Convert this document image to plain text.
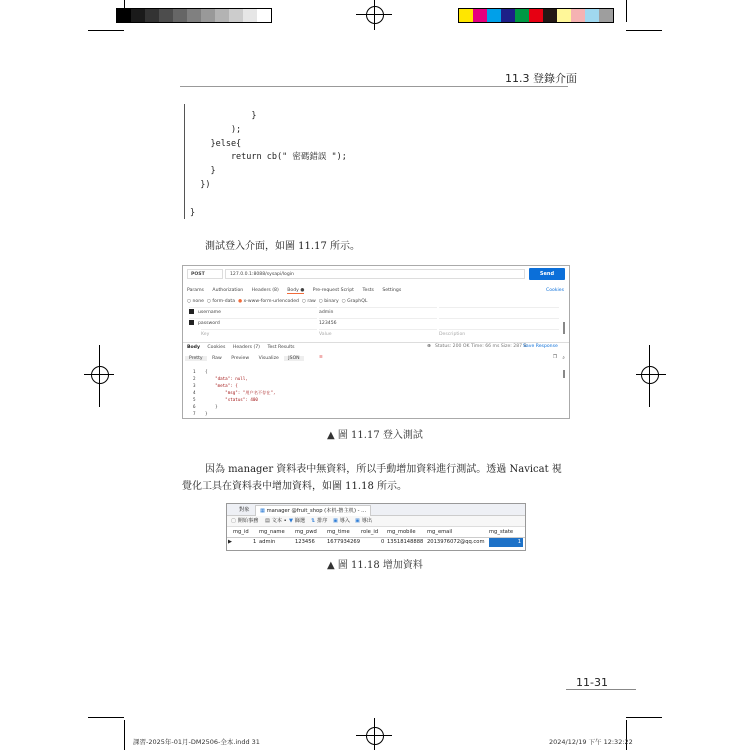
11.3 登錄介面
}
);
}else{
return cb(" 密碼錯誤 ");
}
})

}
測試登入介面，如圖 11.17 所示。
POST	127.0.0.1:8088/sysapi/login	Send
Params Authorization Headers (8) Body ● Pre-request Script Tests Settings	Cookies
○ none ○ form-data ● x-www-form-urlencoded ○ raw ○ binary ○ GraphQL
username	admin
password	123456
Key	Value	Description
Body Cookies Headers (7) Test Results	⊕ Status: 200 OK Time: 66 ms Size: 287 B
Save Response
Pretty Raw Preview Visualize JSON	≡	❐ ⌕
1 {
2 "data": null,
3 "meta": {
4 "msg": "用户名不存在",
5 "status": 400
6 }
7 }
▲ 圖 11.17 登入測試
因為 manager 資料表中無資料，所以手動增加資料進行測試。透過 Navicat 視
覺化工具在資料表中增加資料，如圖 11.18 所示。
對象	▦ manager @fruit_shop (本机-撸主机) - ...
▢ 開始事務 ▤ 文本 • ▼ 篩選 ⇅ 排序 ▣ 導入 ▣ 導出
mg_id mg_name mg_pwd mg_time role_id mg_mobile mg_email	mg_state
▶	1 admin	123456 1677934269	0 13518148888 2013976072@qq.com	1
▲ 圖 11.18 增加資料
11-31
課習-2025年-01月-DM2506-全本.indd 31	2024/12/19 下午 12:32:22
